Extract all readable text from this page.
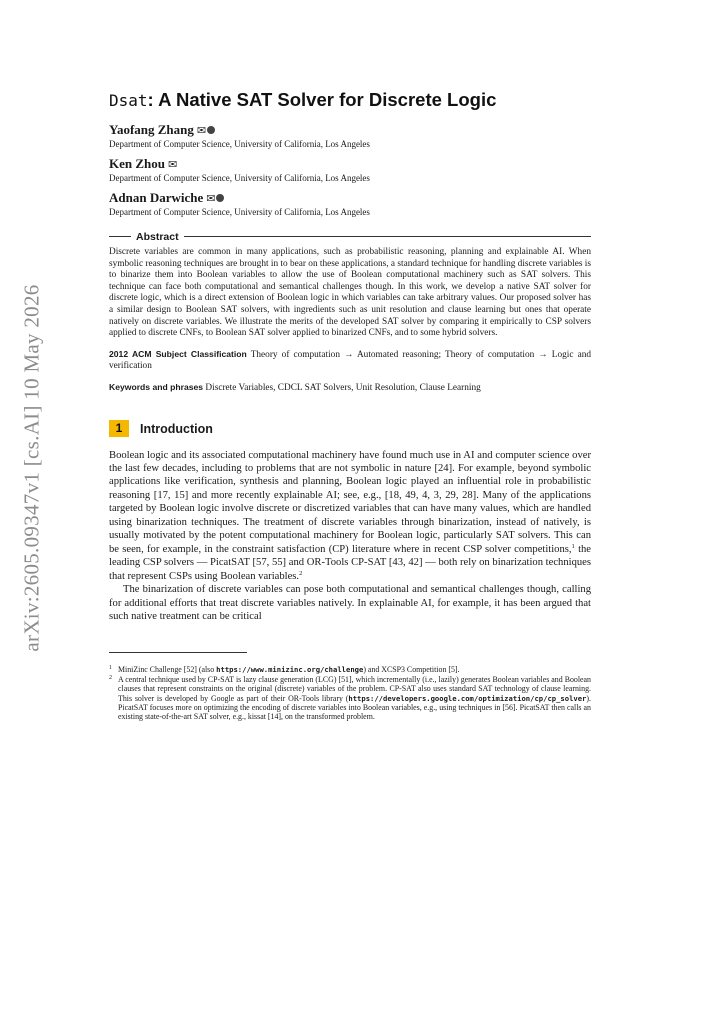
arXiv:2605.09347v1 [cs.AI] 10 May 2026
Dsat: A Native SAT Solver for Discrete Logic
Yaofang Zhang ✉
Department of Computer Science, University of California, Los Angeles
Ken Zhou ✉
Department of Computer Science, University of California, Los Angeles
Adnan Darwiche ✉
Department of Computer Science, University of California, Los Angeles
Abstract

Discrete variables are common in many applications, such as probabilistic reasoning, planning and explainable AI. When symbolic reasoning techniques are brought in to bear on these applications, a standard technique for handling discrete variables is to binarize them into Boolean variables to allow the use of Boolean computational machinery such as SAT solvers. This technique can face both computational and semantical challenges though. In this work, we develop a native SAT solver for discrete logic, which is a direct extension of Boolean logic in which variables can take arbitrary values. Our proposed solver has a similar design to Boolean SAT solvers, with ingredients such as unit resolution and clause learning but ones that operate natively on discrete variables. We illustrate the merits of the developed SAT solver by comparing it empirically to CSP solvers applied to discrete CNFs, to Boolean SAT solver applied to binarized CNFs, and to some hybrid solvers.

2012 ACM Subject Classification Theory of computation → Automated reasoning; Theory of computation → Logic and verification

Keywords and phrases Discrete Variables, CDCL SAT Solvers, Unit Resolution, Clause Learning

1	Introduction

Boolean logic and its associated computational machinery have found much use in AI and computer science over the last few decades, including to problems that are not symbolic in nature [24]. For example, beyond symbolic applications like verification, synthesis and planning, Boolean logic played an influential role in probabilistic reasoning [17, 15] and more recently explainable AI; see, e.g., [18, 49, 4, 3, 29, 28]. Many of the applications targeted by Boolean logic involve discrete or discretized variables that can have many values, which are handled using binarization techniques. The treatment of discrete variables through binarization, instead of natively, is usually motivated by the potent computational machinery for Boolean logic, particularly SAT solvers. This can be seen, for example, in the constraint satisfaction (CP) literature where in recent CSP solver competitions,$^1$ the leading CSP solvers — PicatSAT [57, 55] and OR-Tools CP-SAT [43, 42] — both rely on binarization techniques that represent CSPs using Boolean variables.$^2$

The binarization of discrete variables can pose both computational and semantical challenges though, calling for additional efforts that treat discrete variables natively. In explainable AI, for example, it has been argued that such native treatment can be critical

1 MiniZinc Challenge [52] (also https://www.minizinc.org/challenge) and XCSP3 Competition [5].
2 A central technique used by CP-SAT is lazy clause generation (LCG) [51], which incrementally (i.e., lazily) generates Boolean variables and Boolean clauses that represent constraints on the original (discrete) variables of the problem. CP-SAT also uses standard SAT technology of clause learning. This solver is developed by Google as part of their OR-Tools library (https://developers.google.com/optimization/cp/cp_solver). PicatSAT focuses more on optimizing the encoding of discrete variables into Boolean variables, e.g., using techniques in [56]. PicatSAT then calls an existing state-of-the-art SAT solver, e.g., kissat [14], on the transformed problem.
